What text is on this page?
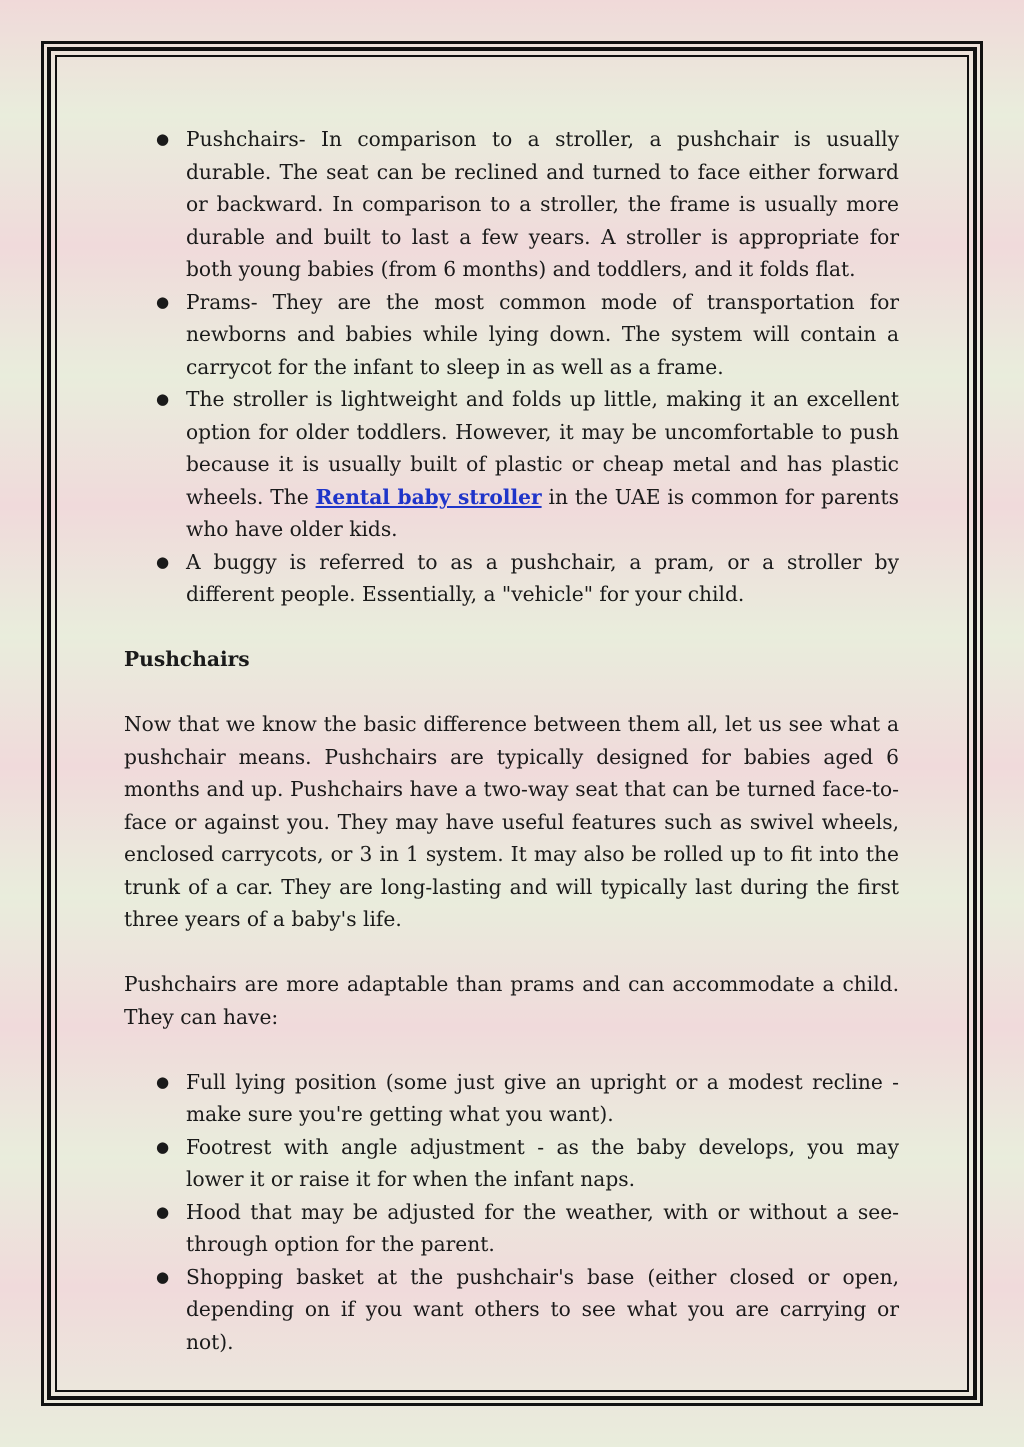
● Pushchairs- In comparison to a stroller, a pushchair is usually durable. The seat can be reclined and turned to face either forward or backward. In comparison to a stroller, the frame is usually more durable and built to last a few years. A stroller is appropriate for both young babies (from 6 months) and toddlers, and it folds flat.
● Prams- They are the most common mode of transportation for newborns and babies while lying down. The system will contain a carrycot for the infant to sleep in as well as a frame.
● The stroller is lightweight and folds up little, making it an excellent option for older toddlers. However, it may be uncomfortable to push because it is usually built of plastic or cheap metal and has plastic wheels. The Rental baby stroller in the UAE is common for parents who have older kids.
● A buggy is referred to as a pushchair, a pram, or a stroller by different people. Essentially, a "vehicle" for your child.
Pushchairs

Now that we know the basic difference between them all, let us see what a pushchair means. Pushchairs are typically designed for babies aged 6 months and up. Pushchairs have a two-way seat that can be turned face-to-face or against you. They may have useful features such as swivel wheels, enclosed carrycots, or 3 in 1 system. It may also be rolled up to fit into the trunk of a car. They are long-lasting and will typically last during the first three years of a baby's life.

Pushchairs are more adaptable than prams and can accommodate a child. They can have:

● Full lying position (some just give an upright or a modest recline - make sure you're getting what you want).
● Footrest with angle adjustment - as the baby develops, you may lower it or raise it for when the infant naps.
● Hood that may be adjusted for the weather, with or without a see-through option for the parent.
● Shopping basket at the pushchair's base (either closed or open, depending on if you want others to see what you are carrying or not).
